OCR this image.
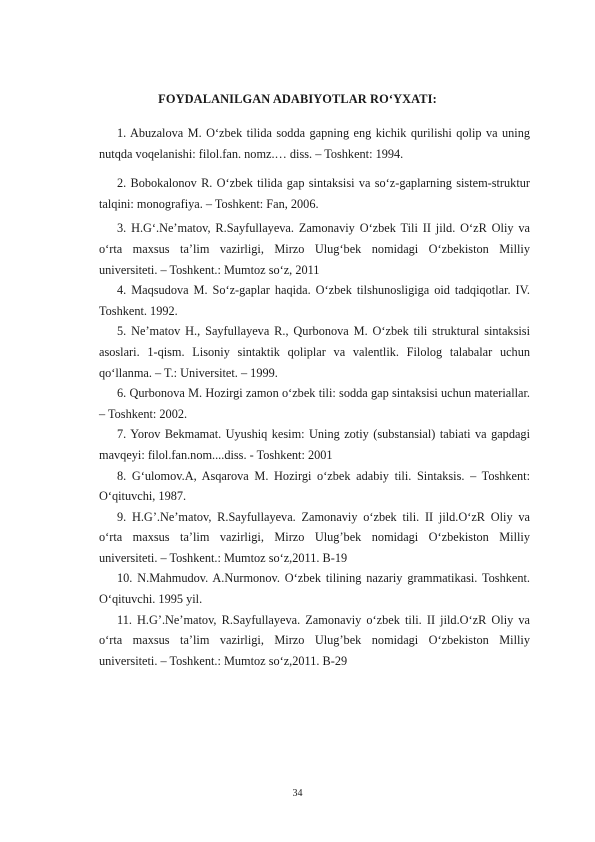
FOYDALANILGAN ADABIYOTLAR RO‘YXATI:
1. Abuzalova M. O‘zbek tilida sodda gapning eng kichik qurilishi qolip va uning nutqda voqelanishi: filol.fan. nomz.… diss. – Toshkent: 1994.
2. Bobokalonov R. O‘zbek tilida gap sintaksisi va so‘z-gaplarning sistem-struktur talqini: monografiya. – Toshkent: Fan, 2006.
3. H.G‘.Ne’matov, R.Sayfullayeva. Zamonaviy O‘zbek Tili II jild. O‘zR Oliy va o‘rta maxsus ta’lim vazirligi, Mirzo Ulug‘bek nomidagi O‘zbekiston Milliy universiteti. – Toshkent.: Mumtoz so‘z, 2011
4. Maqsudova M. So‘z-gaplar haqida. O‘zbek tilshunosligiga oid tadqiqotlar. IV. Toshkent. 1992.
5. Ne’matov H., Sayfullayeva R., Qurbonova M. O‘zbek tili struktural sintaksisi asoslari. 1-qism. Lisoniy sintaktik qoliplar va valentlik. Filolog talabalar uchun qo‘llanma. – T.: Universitet. – 1999.
6. Qurbonova M. Hozirgi zamon o‘zbek tili: sodda gap sintaksisi uchun materiallar. – Toshkent: 2002.
7. Yorov Bekmamat. Uyushiq kesim: Uning zotiy (substansial) tabiati va gapdagi mavqeyi: filol.fan.nom....diss. - Toshkent: 2001
8. G‘ulomov.A, Asqarova M. Hozirgi o‘zbek adabiy tili. Sintaksis. – Toshkent: O‘qituvchi, 1987.
9. H.G’.Ne’matov, R.Sayfullayeva. Zamonaviy o‘zbek tili. II jild.O‘zR Oliy va o‘rta maxsus ta’lim vazirligi, Mirzo Ulug’bek nomidagi O‘zbekiston Milliy universiteti. – Toshkent.: Mumtoz so‘z,2011. B-19
10. N.Mahmudov. A.Nurmonov. O‘zbek tilining nazariy grammatikasi. Toshkent. O‘qituvchi. 1995 yil.
11. H.G’.Ne’matov, R.Sayfullayeva. Zamonaviy o‘zbek tili. II jild.O‘zR Oliy va o‘rta maxsus ta’lim vazirligi, Mirzo Ulug’bek nomidagi O‘zbekiston Milliy universiteti. – Toshkent.: Mumtoz so‘z,2011. B-29
34
